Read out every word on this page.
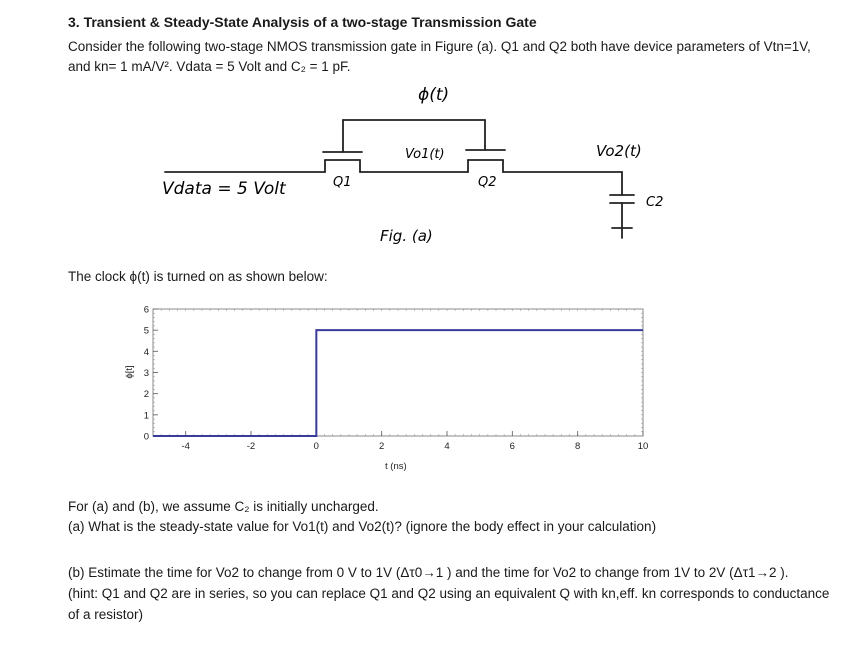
3. Transient & Steady-State Analysis of a two-stage Transmission Gate
Consider the following two-stage NMOS transmission gate in Figure (a). Q1 and Q2 both have device parameters of Vtn=1V,
and kn= 1 mA/V². Vdata = 5 Volt and C₂ = 1 pF.
ϕ(t)
Vo1(t)	Vo2(t)
Vdata = 5 Volt	Q1	Q2
C2
Fig. (a)
The clock ϕ(t) is turned on as shown below:
-4	-2	0	2	4	6	8	10
0
1
2
3
4
5
6
t (ns)
ϕ[t]
For (a) and (b), we assume C₂ is initially uncharged.
(a) What is the steady-state value for Vo1(t) and Vo2(t)? (ignore the body effect in your calculation)
(b) Estimate the time for Vo2 to change from 0 V to 1V (Δτ0→1 ) and the time for Vo2 to change from 1V to 2V (Δτ1→2 ).
(hint: Q1 and Q2 are in series, so you can replace Q1 and Q2 using an equivalent Q with kn,eff. kn corresponds to conductance
of a resistor)
